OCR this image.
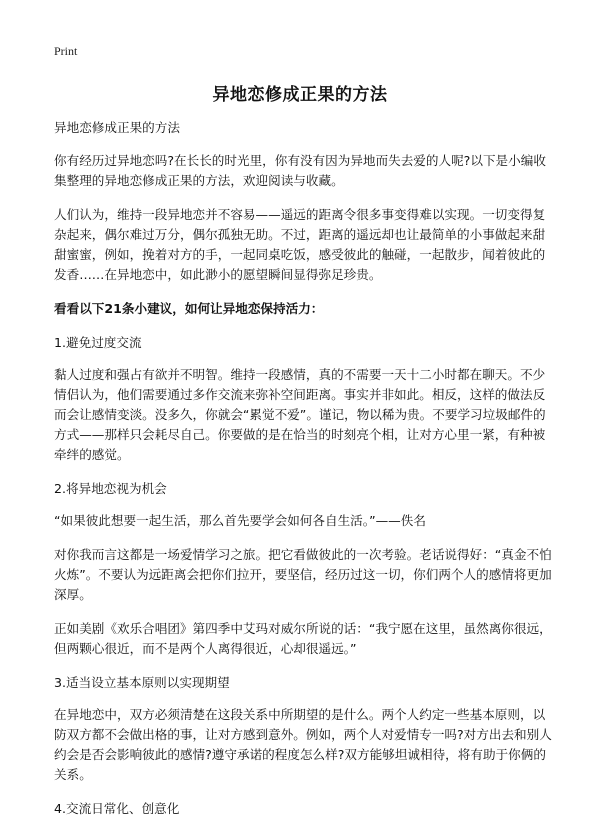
Print

异地恋修成正果的方法

异地恋修成正果的方法

你有经历过异地恋吗?在长长的时光里，你有没有因为异地而失去爱的人呢?以下是小编收集整理的异地恋修成正果的方法，欢迎阅读与收藏。

人们认为，维持一段异地恋并不容易——遥远的距离令很多事变得难以实现。一切变得复杂起来，偶尔难过万分，偶尔孤独无助。不过，距离的遥远却也让最简单的小事做起来甜甜蜜蜜，例如，挽着对方的手，一起同桌吃饭，感受彼此的触碰，一起散步，闻着彼此的发香……在异地恋中，如此渺小的愿望瞬间显得弥足珍贵。

看看以下21条小建议，如何让异地恋保持活力：

1.避免过度交流

黏人过度和强占有欲并不明智。维持一段感情，真的不需要一天十二小时都在聊天。不少情侣认为，他们需要通过多作交流来弥补空间距离。事实并非如此。相反，这样的做法反而会让感情变淡。没多久，你就会“累觉不爱”。谨记，物以稀为贵。不要学习垃圾邮件的方式——那样只会耗尽自己。你要做的是在恰当的时刻亮个相，让对方心里一紧，有种被牵绊的感觉。

2.将异地恋视为机会

“如果彼此想要一起生活，那么首先要学会如何各自生活。”——佚名

对你我而言这都是一场爱情学习之旅。把它看做彼此的一次考验。老话说得好：“真金不怕火炼”。不要认为远距离会把你们拉开，要坚信，经历过这一切，你们两个人的感情将更加深厚。

正如美剧《欢乐合唱团》第四季中艾玛对威尔所说的话：“我宁愿在这里，虽然离你很远，但两颗心很近，而不是两个人离得很近，心却很遥远。”

3.适当设立基本原则以实现期望

在异地恋中，双方必须清楚在这段关系中所期望的是什么。两个人约定一些基本原则，以防双方都不会做出格的事，让对方感到意外。例如，两个人对爱情专一吗?对方出去和别人约会是否会影响彼此的感情?遵守承诺的程度怎么样?双方能够坦诚相待，将有助于你俩的关系。

4.交流日常化、创意化
